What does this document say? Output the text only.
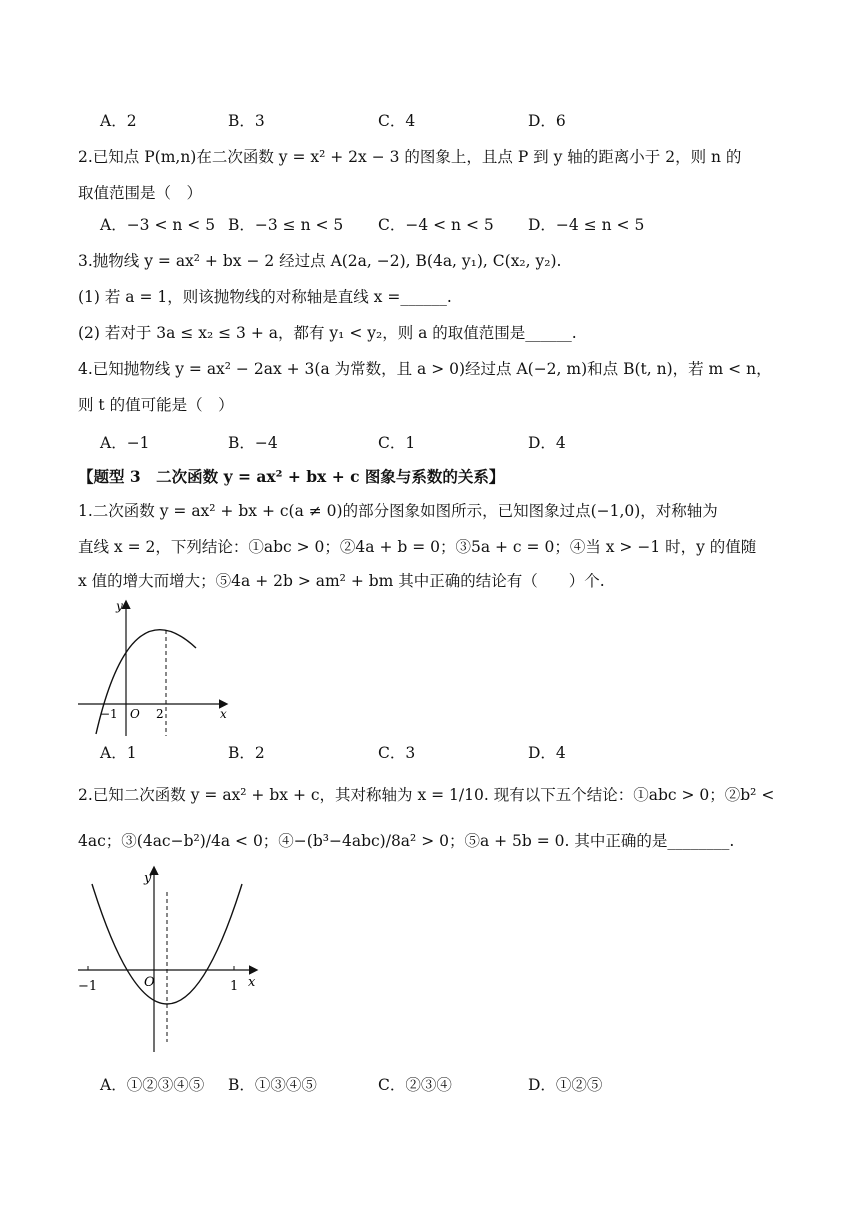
A．2	B．3	C．4	D．6
2.已知点 P(m,n)在二次函数 y = x² + 2x − 3 的图象上，且点 P 到 y 轴的距离小于 2，则 n 的
取值范围是（　）
A．−3 < n < 5 B．−3 ≤ n < 5 C．−4 < n < 5 D．−4 ≤ n < 5
3.抛物线 y = ax² + bx − 2 经过点 A(2a, −2), B(4a, y₁), C(x₂, y₂).
(1) 若 a = 1，则该抛物线的对称轴是直线 x =______.
(2) 若对于 3a ≤ x₂ ≤ 3 + a，都有 y₁ < y₂，则 a 的取值范围是______.
4.已知抛物线 y = ax² − 2ax + 3(a 为常数，且 a > 0)经过点 A(−2, m)和点 B(t, n)，若 m < n，
则 t 的值可能是（　）
A．−1	B．−4	C．1	D．4
【题型 3　二次函数 y = ax² + bx + c 图象与系数的关系】
1.二次函数 y = ax² + bx + c(a ≠ 0)的部分图象如图所示，已知图象过点(−1,0)，对称轴为
直线 x = 2，下列结论：①abc > 0；②4a + b = 0；③5a + c = 0；④当 x > −1 时，y 的值随
x 值的增大而增大；⑤4a + 2b > am² + bm 其中正确的结论有（　　）个.
y
x
O
−1	2
A．1	B．2	C．3	D．4
2.已知二次函数 y = ax² + bx + c，其对称轴为 x = 1/10. 现有以下五个结论：①abc > 0；②b² <
4ac；③(4ac−b²)/4a < 0；④−(b³−4abc)/8a² > 0；⑤a + 5b = 0. 其中正确的是________.
y
x
O
−1	1
A．①②③④⑤ B．①③④⑤	C．②③④	D．①②⑤
